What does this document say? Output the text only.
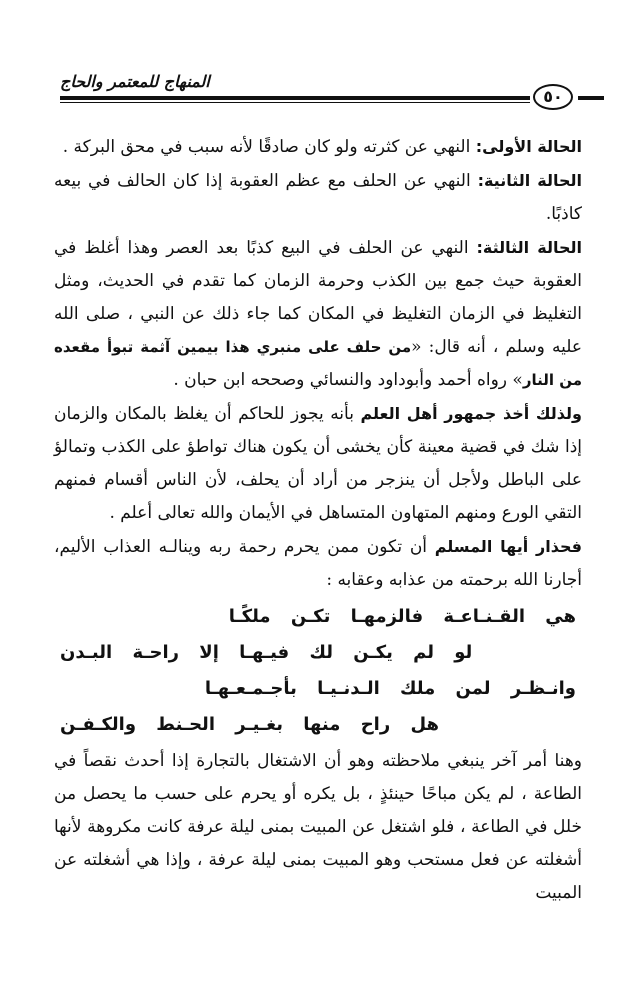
المنهاج للمعتمر والحاج
٥٠

الحالة الأولى: النهي عن كثرته ولو كان صادقًا لأنه سبب في محق البركة .

الحالة الثانية: النهي عن الحلف مع عظم العقوبة إذا كان الحالف في بيعه كاذبًا.

الحالة الثالثة: النهي عن الحلف في البيع كذبًا بعد العصر وهذا أغلظ في العقوبة حيث جمع بين الكذب وحرمة الزمان كما تقدم في الحديث، ومثل التغليظ في الزمان التغليظ في المكان كما جاء ذلك عن النبي ، صلى الله عليه وسلم ، أنه قال: «من حلف على منبري هذا بيمين آثمة تبوأ مقعده من النار» رواه أحمد وأبوداود والنسائي وصححه ابن حبان .

ولذلك أخذ جمهور أهل العلم بأنه يجوز للحاكم أن يغلظ بالمكان والزمان إذا شك في قضية معينة كأن يخشى أن يكون هناك تواطؤ على الكذب وتمالؤ على الباطل ولأجل أن ينزجر من أراد أن يحلف، لأن الناس أقسام فمنهم التقي الورع ومنهم المتهاون المتساهل في الأيمان والله تعالى أعلم .

فحذار أيها المسلم أن تكون ممن يحرم رحمة ربه وينالـه العذاب الأليم، أجارنا الله برحمته من عذابه وعقابه :

هي القـنـاعـة فالزمهـا تكـن ملكًـا
لو لم يكـن لك فيـهـا إلا راحـة البـدن
وانـظـر لمن ملك الـدنـيـا بأجـمـعـهـا
هل راح منها بغـيـر الحـنط والكـفـن

وهنا أمر آخر ينبغي ملاحظته وهو أن الاشتغال بالتجارة إذا أحدث نقصاً في الطاعة ، لم يكن مباحًا حينئذٍ ، بل يكره أو يحرم على حسب ما يحصل من خلل في الطاعة ، فلو اشتغل عن المبيت بمنى ليلة عرفة كانت مكروهة لأنها أشغلته عن فعل مستحب وهو المبيت بمنى ليلة عرفة ، وإذا هي أشغلته عن المبيت
